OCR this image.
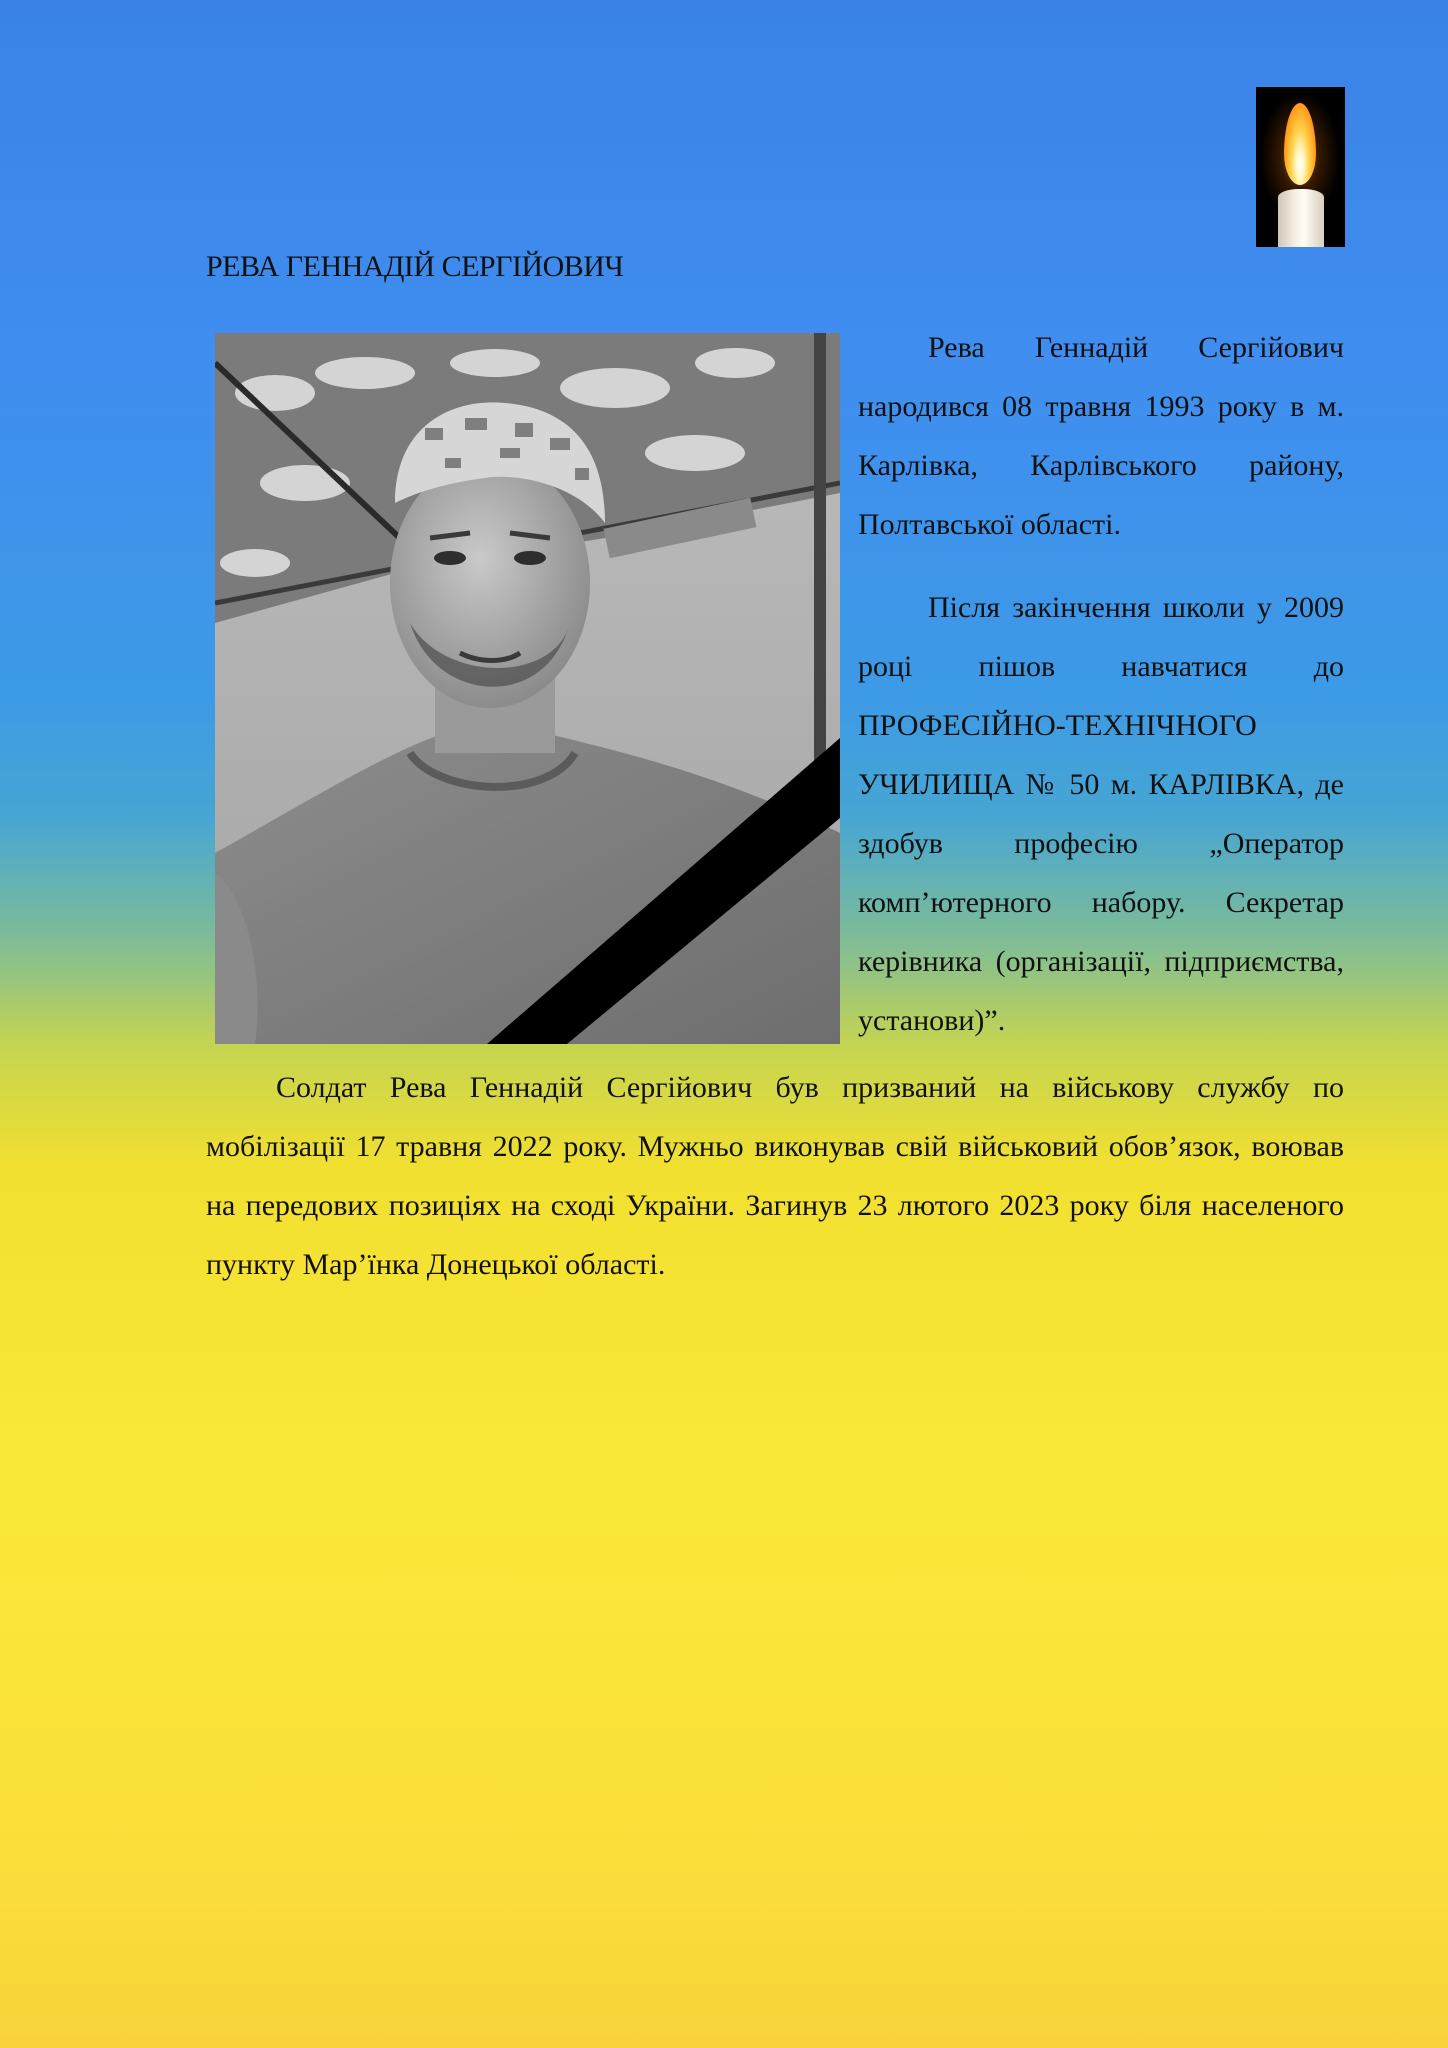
РЕВА ГЕННАДІЙ СЕРГІЙОВИЧ

Рева Геннадій Сергійович народився 08 травня 1993 року в м. Карлівка, Карлівського району, Полтавської області.

Після закінчення школи у 2009 році пішов навчатися до ПРОФЕСІЙНО-ТЕХНІЧНОГО УЧИЛИЩА № 50 м. КАРЛІВКА, де здобув професію „Оператор комп’ютерного набору. Секретар керівника (організації, підприємства, установи)”.

Солдат Рева Геннадій Сергійович був призваний на військову службу по мобілізації 17 травня 2022 року. Мужньо виконував свій військовий обов’язок, воював на передових позиціях на сході України. Загинув 23 лютого 2023 року біля населеного пункту Мар’їнка Донецької області.
